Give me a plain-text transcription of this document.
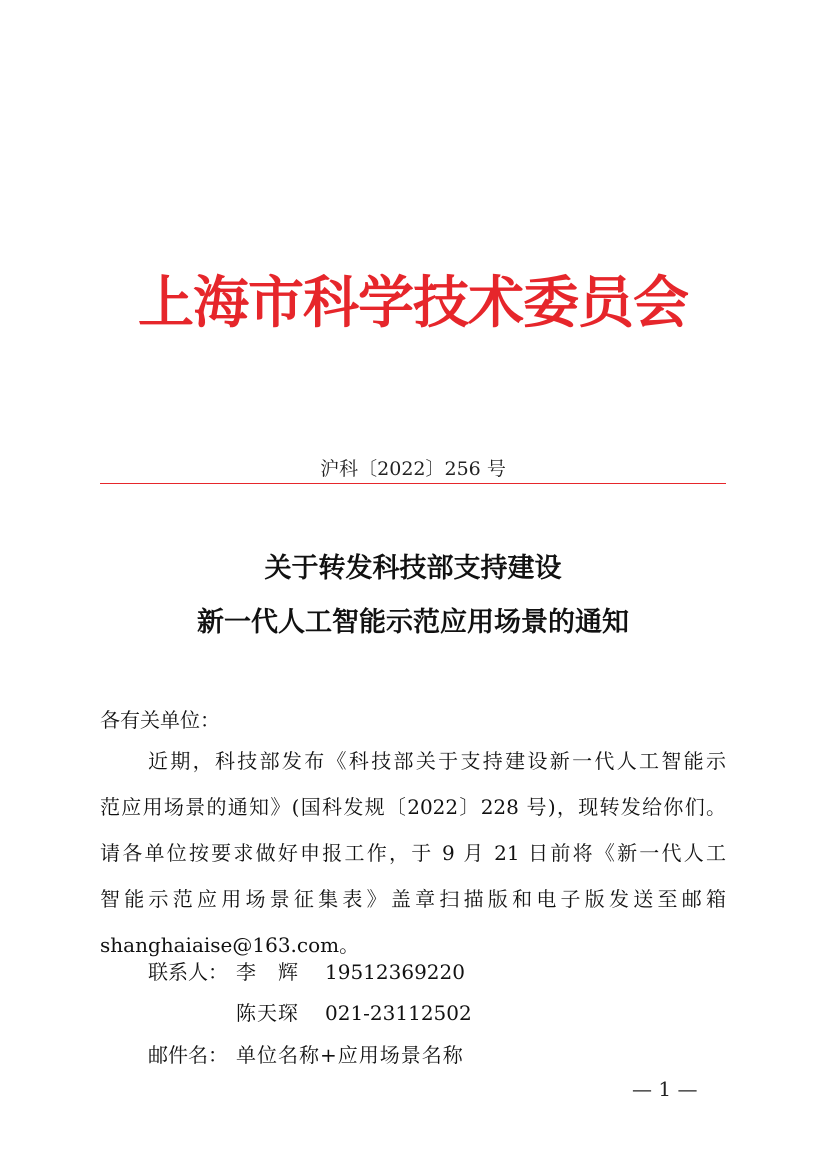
上海市科学技术委员会
沪科〔2022〕256 号
关于转发科技部支持建设
新一代人工智能示范应用场景的通知
各有关单位：
近期，科技部发布《科技部关于支持建设新一代人工智能示
范应用场景的通知》(国科发规〔2022〕228 号)，现转发给你们。
请各单位按要求做好申报工作，于 9 月 21 日前将《新一代人工
智能示范应用场景征集表》盖章扫描版和电子版发送至邮箱
shanghaiaise@163.com。
联系人： 李　辉 19512369220
陈天琛 021-23112502
邮件名： 单位名称+应用场景名称
— 1 —
